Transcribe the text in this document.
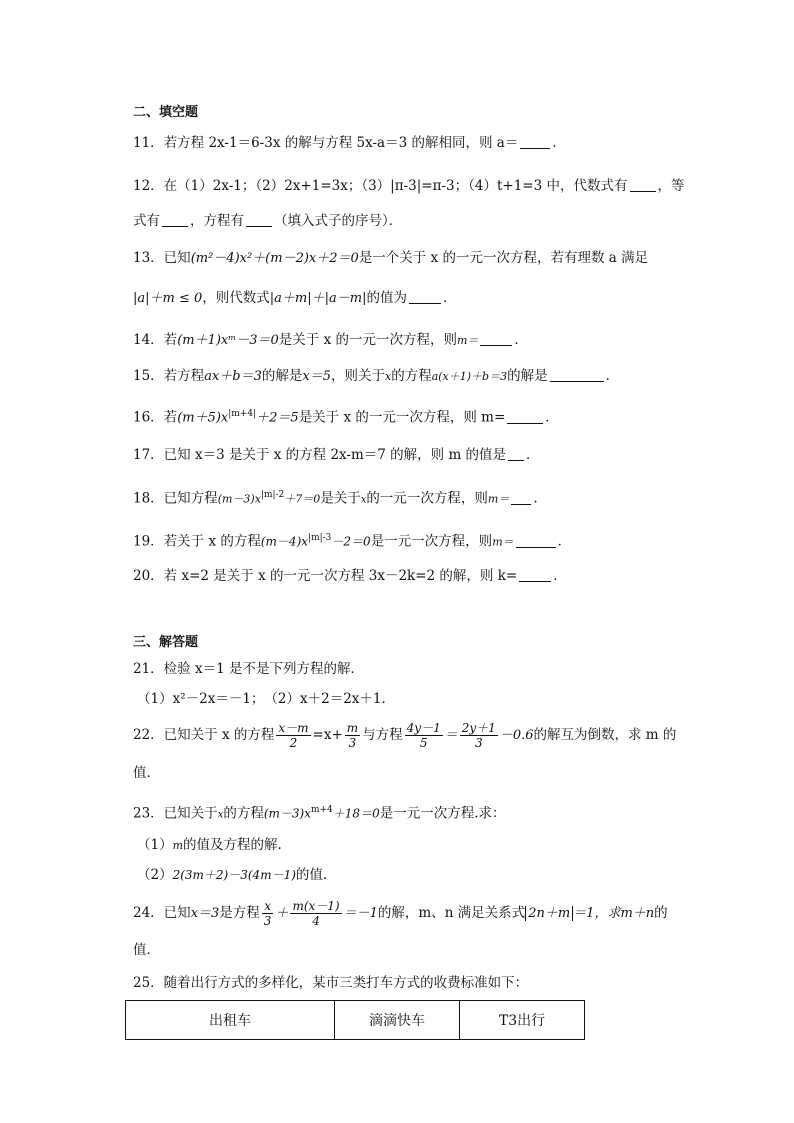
二、填空题
11．若方程 2x-1＝6-3x 的解与方程 5x-a＝3 的解相同，则 a＝	．
12．在（1）2x-1；（2）2x+1=3x；（3）|π-3|=π-3；（4）t+1=3 中，代数式有 ，等
式有 ，方程有 （填入式子的序号）．
13．已知(m²－4)x²＋(m－2)x＋2＝0是一个关于 x 的一元一次方程，若有理数 a 满足
|a|＋m ≤ 0，则代数式|a＋m|＋|a－m|的值为	．
14．若(m＋1)xᵐ－3＝0是关于 x 的一元一次方程，则m＝	．
15．若方程ax＋b＝3的解是x＝5，则关于x的方程a(x＋1)＋b＝3的解是	．
16．若$(m+5)x^{|m+4|}+2=5$是关于 x 的一元一次方程，则 m=	．
17．已知 x＝3 是关于 x 的方程 2x-m＝7 的解，则 m 的值是 ．
18．已知方程$(m-3)x^{|m|-2}+7=0$是关于x的一元一次方程，则m＝ .
19．若关于 x 的方程$(m-4)x^{|m|-3}-2=0$是一元一次方程，则m＝	．
20．若 x=2 是关于 x 的一元一次方程 3x－2k=2 的解，则 k=	．
三、解答题
21．检验 x＝1 是不是下列方程的解．
（1）x²－2x＝－1；　（2）x＋2＝2x＋1．
22．已知关于 x 的方程 $\frac{x-m}{2} =x+ \frac{m}{3}$ 与方程 $\frac{4y-1}{5} = \frac{2y+1}{3} -0.6$的解互为倒数，求 m 的
值．
23．已知关于x的方程$(m-3)x^{m+4}+18=0$是一元一次方程.求：
（1）m的值及方程的解.
（2）2(3m＋2)－3(4m－1)的值.
24．已知x＝3是方程 $\frac{x}{3} + \frac{m(x-1)}{4} =-1$的解，m、n 满足关系式 2n＋m ＝1，求m＋n的
值．
25．随着出行方式的多样化，某市三类打车方式的收费标准如下：
出租车	滴滴快车	T3出行
